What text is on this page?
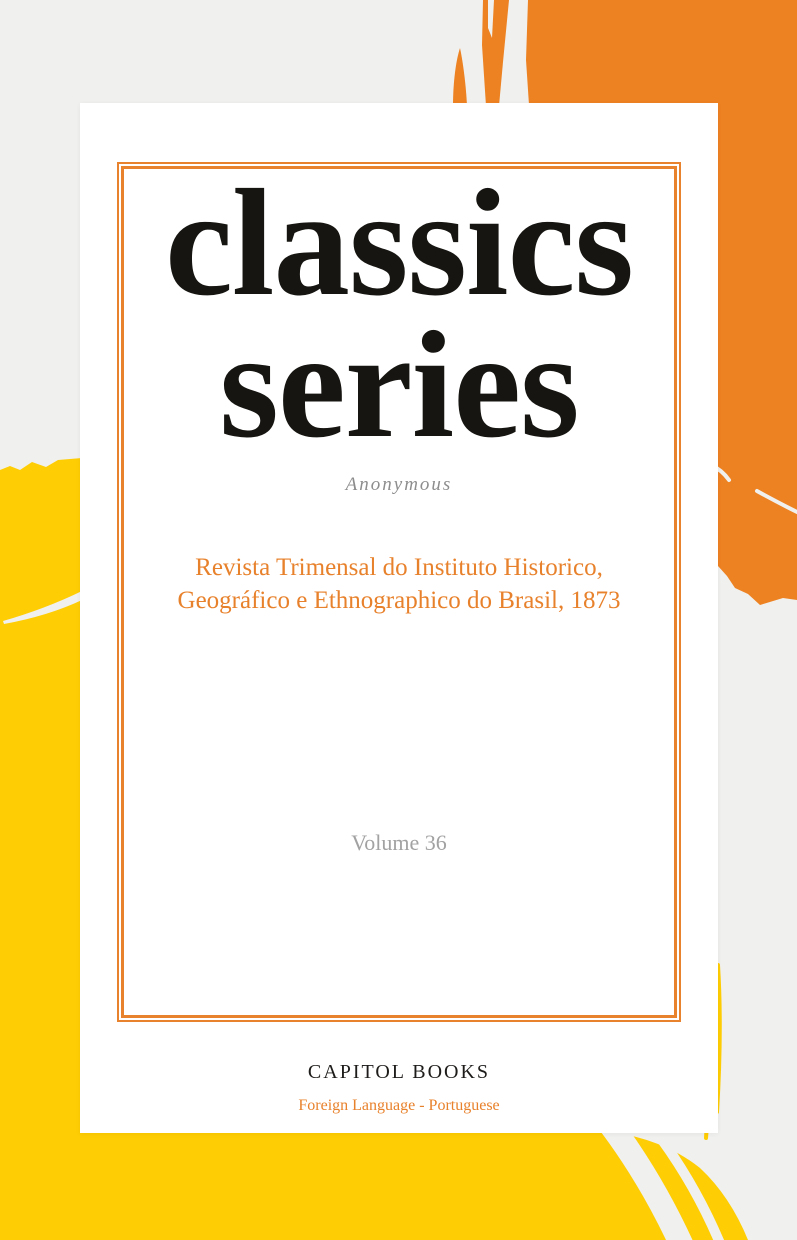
classics
series
Anonymous
Revista Trimensal do Instituto Historico,
Geográfico e Ethnographico do Brasil, 1873
Volume 36
CAPITOL BOOKS
Foreign Language - Portuguese
